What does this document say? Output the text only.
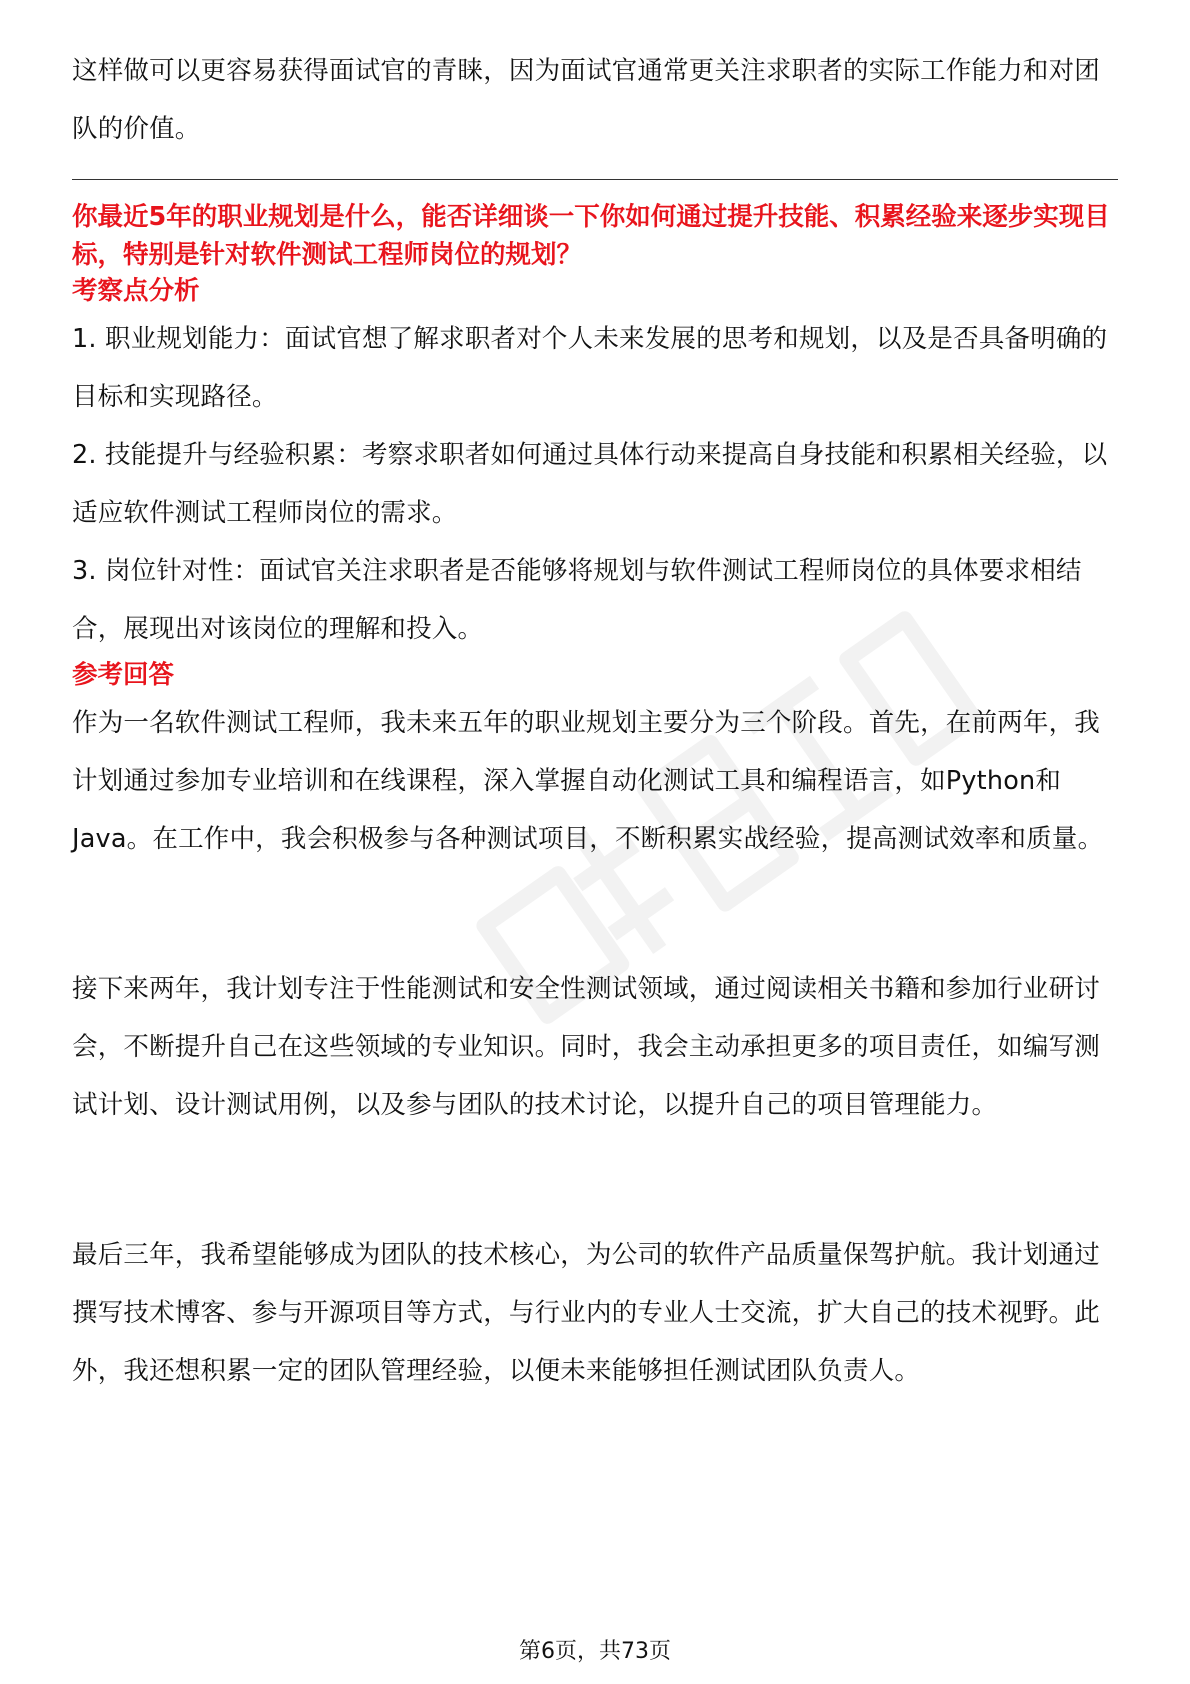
这样做可以更容易获得面试官的青睐，因为面试官通常更关注求职者的实际工作能力和对团队的价值。

你最近5年的职业规划是什么，能否详细谈一下你如何通过提升技能、积累经验来逐步实现目标，特别是针对软件测试工程师岗位的规划？

考察点分析

1. 职业规划能力：面试官想了解求职者对个人未来发展的思考和规划，以及是否具备明确的目标和实现路径。

2. 技能提升与经验积累：考察求职者如何通过具体行动来提高自身技能和积累相关经验，以适应软件测试工程师岗位的需求。

3. 岗位针对性：面试官关注求职者是否能够将规划与软件测试工程师岗位的具体要求相结合，展现出对该岗位的理解和投入。

参考回答

作为一名软件测试工程师，我未来五年的职业规划主要分为三个阶段。首先，在前两年，我计划通过参加专业培训和在线课程，深入掌握自动化测试工具和编程语言，如Python和Java。在工作中，我会积极参与各种测试项目，不断积累实战经验，提高测试效率和质量。

接下来两年，我计划专注于性能测试和安全性测试领域，通过阅读相关书籍和参加行业研讨会，不断提升自己在这些领域的专业知识。同时，我会主动承担更多的项目责任，如编写测试计划、设计测试用例，以及参与团队的技术讨论，以提升自己的项目管理能力。

最后三年，我希望能够成为团队的技术核心，为公司的软件产品质量保驾护航。我计划通过撰写技术博客、参与开源项目等方式，与行业内的专业人士交流，扩大自己的技术视野。此外，我还想积累一定的团队管理经验，以便未来能够担任测试团队负责人。

第6页，共73页
